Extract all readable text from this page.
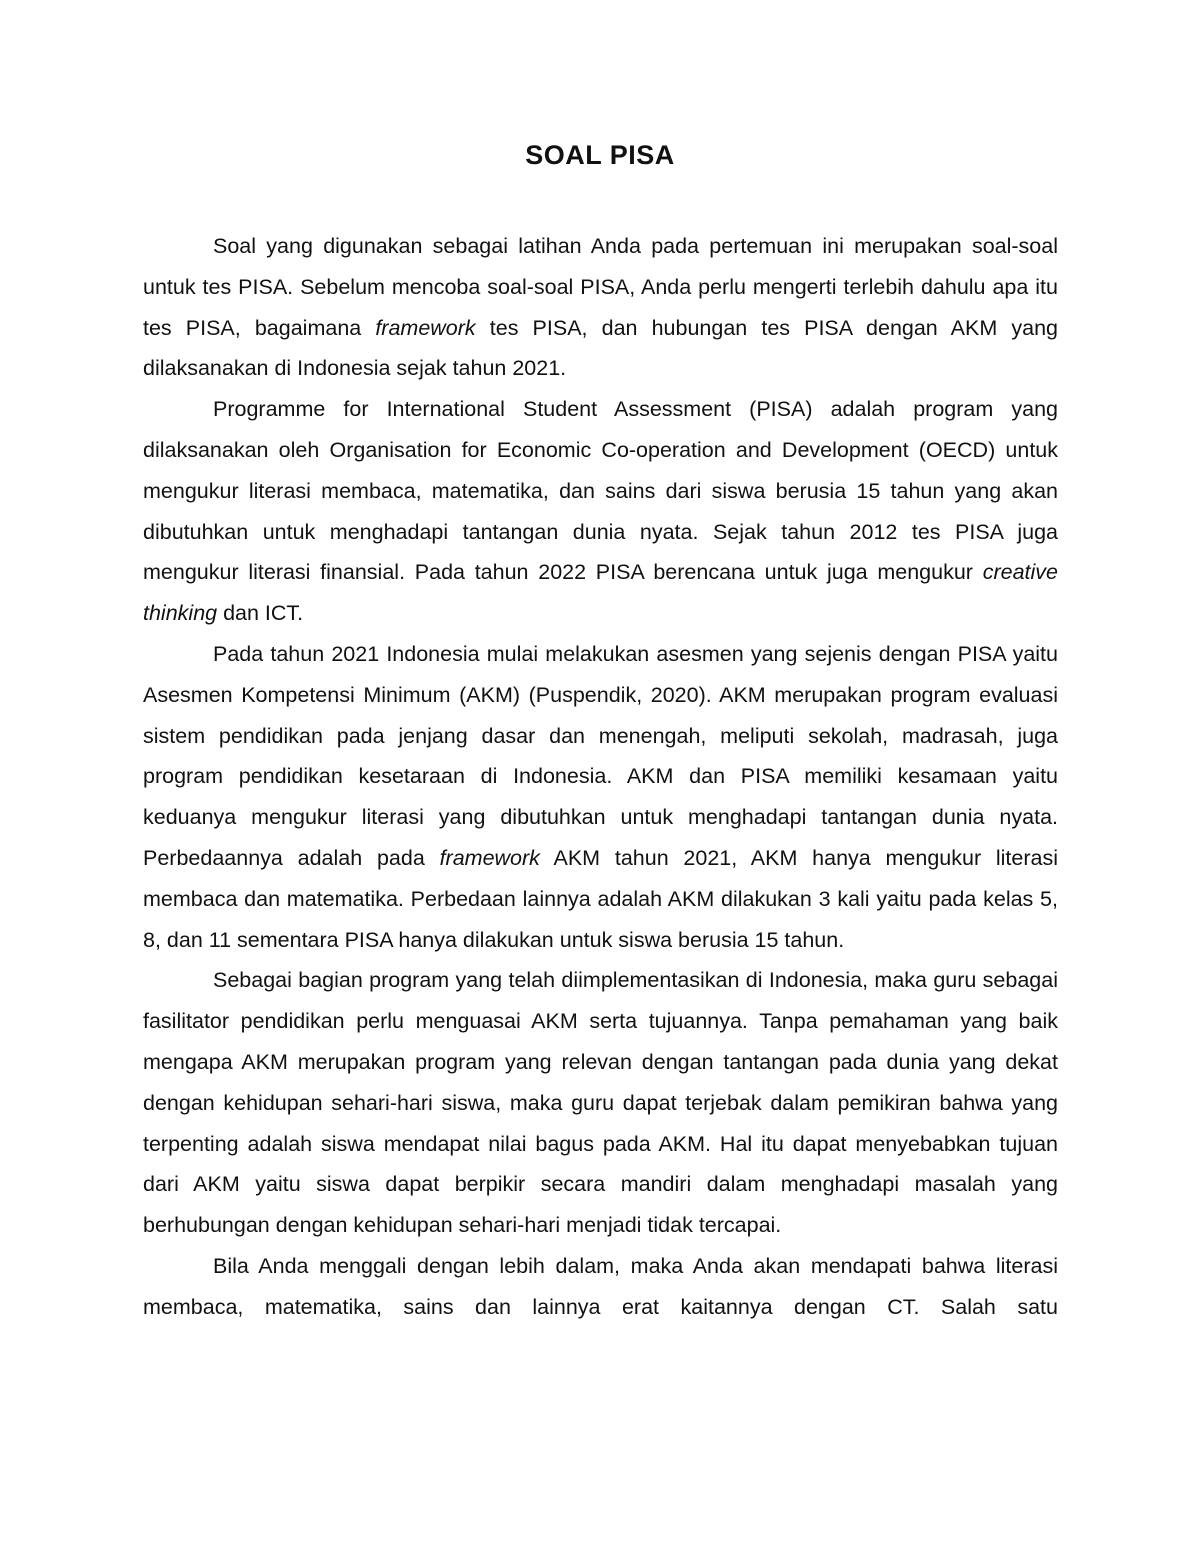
SOAL PISA

Soal yang digunakan sebagai latihan Anda pada pertemuan ini merupakan soal-soal untuk tes PISA. Sebelum mencoba soal-soal PISA, Anda perlu mengerti terlebih dahulu apa itu tes PISA, bagaimana framework tes PISA, dan hubungan tes PISA dengan AKM yang dilaksanakan di Indonesia sejak tahun 2021.

Programme for International Student Assessment (PISA) adalah program yang dilaksanakan oleh Organisation for Economic Co-operation and Development (OECD) untuk mengukur literasi membaca, matematika, dan sains dari siswa berusia 15 tahun yang akan dibutuhkan untuk menghadapi tantangan dunia nyata. Sejak tahun 2012 tes PISA juga mengukur literasi finansial. Pada tahun 2022 PISA berencana untuk juga mengukur creative thinking dan ICT.

Pada tahun 2021 Indonesia mulai melakukan asesmen yang sejenis dengan PISA yaitu Asesmen Kompetensi Minimum (AKM) (Puspendik, 2020). AKM merupakan program evaluasi sistem pendidikan pada jenjang dasar dan menengah, meliputi sekolah, madrasah, juga program pendidikan kesetaraan di Indonesia. AKM dan PISA memiliki kesamaan yaitu keduanya mengukur literasi yang dibutuhkan untuk menghadapi tantangan dunia nyata. Perbedaannya adalah pada framework AKM tahun 2021, AKM hanya mengukur literasi membaca dan matematika. Perbedaan lainnya adalah AKM dilakukan 3 kali yaitu pada kelas 5, 8, dan 11 sementara PISA hanya dilakukan untuk siswa berusia 15 tahun.

Sebagai bagian program yang telah diimplementasikan di Indonesia, maka guru sebagai fasilitator pendidikan perlu menguasai AKM serta tujuannya. Tanpa pemahaman yang baik mengapa AKM merupakan program yang relevan dengan tantangan pada dunia yang dekat dengan kehidupan sehari-hari siswa, maka guru dapat terjebak dalam pemikiran bahwa yang terpenting adalah siswa mendapat nilai bagus pada AKM. Hal itu dapat menyebabkan tujuan dari AKM yaitu siswa dapat berpikir secara mandiri dalam menghadapi masalah yang berhubungan dengan kehidupan sehari-hari menjadi tidak tercapai.

Bila Anda menggali dengan lebih dalam, maka Anda akan mendapati bahwa literasi membaca, matematika, sains dan lainnya erat kaitannya dengan CT. Salah satu
